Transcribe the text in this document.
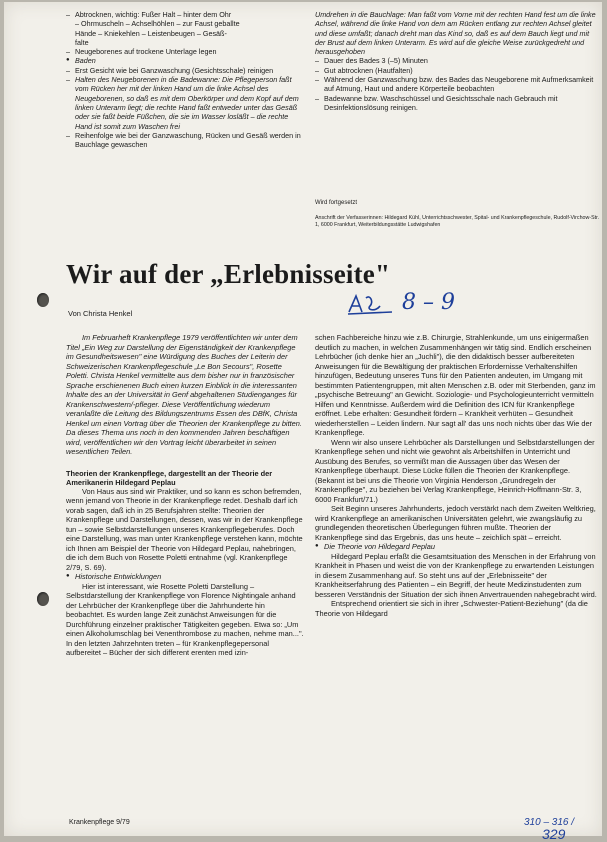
– Abtrocknen, wichtig: Fußer Halt – hinter dem Ohr

– Ohrmuscheln – Achselhöhlen – zur Faust geballte

Hände – Kniekehlen – Leistenbeugen – Gesäß-

falte

– Neugeborenes auf trockene Unterlage legen

● Baden

– Erst Gesicht wie bei Ganzwaschung (Gesichtsschale) reinigen

– Halten des Neugeborenen in die Badewanne: Die Pflegeperson faßt vom Rücken her mit der linken Hand um die linke Achsel des Neugeborenen, so daß es mit dem Oberkörper und dem Kopf auf dem linken Unterarm liegt; die rechte Hand faßt entweder unter das Gesäß oder sie faßt beide Füßchen, die sie im Wasser losläßt – die rechte Hand ist somit zum Waschen frei

– Reihenfolge wie bei der Ganzwaschung, Rücken und Gesäß werden in Bauchlage gewaschen

Umdrehen in die Bauchlage: Man faßt vom Vorne mit der rechten Hand fest um die linke Achsel, während die linke Hand von dem am Rücken entlang zur rechten Achsel gleitet und diese umfaßt; danach dreht man das Kind so, daß es auf dem Bauch liegt und mit der Brust auf dem linken Unterarm. Es wird auf die gleiche Weise zurückgedreht und herausgehoben

– Dauer des Bades 3 (–5) Minuten

– Gut abtrocknen (Hautfalten)

– Während der Ganzwaschung bzw. des Bades das Neugeborene mit Aufmerksamkeit auf Atmung, Haut und andere Körperteile beobachten

– Badewanne bzw. Waschschüssel und Gesichtsschale nach Gebrauch mit Desinfektionslösung reinigen.

Wird fortgesetzt
Anschrift der Verfasserinnen: Hildegard Kühl, Unterrichtsschwester, Spital- und Krankenpflegeschule, Rudolf-Virchow-Str. 1, 6000 Frankfurt, Weiterbildungsstätte Ludwigshafen
Wir auf der „Erlebnisseite"
8 – 9
Von Christa Henkel

Im Februarheft Krankenpflege 1979 veröffentlichten wir unter dem Titel „Ein Weg zur Darstellung der Eigenständigkeit der Krankenpflege im Gesundheitswesen" eine Würdigung des Buches der Leiterin der Schweizerischen Krankenpflegeschule „Le Bon Secours", Rosette Poletti. Christa Henkel vermittelte aus dem bisher nur in französischer Sprache erschienenen Buch einen kurzen Einblick in die interessanten Inhalte des an der Universität in Genf abgehaltenen Studienganges für Krankenschwestern/-pfleger. Diese Veröffentlichung wiederum veranlaßte die Leitung des Bildungszentrums Essen des DBfK, Christa Henkel um einen Vortrag über die Theorien der Krankenpflege zu bitten. Da dieses Thema uns noch in den kommenden Jahren beschäftigen wird, veröffentlichen wir den Vortrag leicht überarbeitet in seinen wesentlichen Teilen.

Theorien der Krankenpflege, dargestellt an der Theorie der Amerikanerin Hildegard Peplau

Von Haus aus sind wir Praktiker, und so kann es schon befremden, wenn jemand von Theorie in der Krankenpflege redet. Deshalb darf ich vorab sagen, daß ich in 25 Berufsjahren stellte: Theorien der Krankenpflege und Darstellungen, dessen, was wir in der Krankenpflege tun – sowie Selbstdarstellungen unseres Krankenpflegeberufes. Doch eine Darstellung, was man unter Krankenpflege verstehen kann, möchte ich Ihnen am Beispiel der Theorie von Hildegard Peplau, nahebringen, die ich dem Buch von Rosette Poletti entnahme (vgl. Krankenpflege 2/79, S. 69).

● Historische Entwicklungen

Hier ist interessant, wie Rosette Poletti Darstellung – Selbstdarstellung der Krankenpflege von Florence Nightingale anhand der Lehrbücher der Krankenpflege über die Jahrhunderte hin beobachtet. Es wurden lange Zeit zunächst Anweisungen für die Durchführung einzelner praktischer Tätigkeiten gegeben. Etwa so: „Um einen Alkoholumschlag bei Venenthrombose zu machen, nehme man...". In den letzten Jahrzehnten treten – für Krankenpflegepersonal aufbereitet – Bücher der sich different erenten med izin-

schen Fachbereiche hinzu wie z.B. Chirurgie, Strahlenkunde, um uns einigermaßen deutlich zu machen, in welchen Zusammenhängen wir tätig sind. Endlich erscheinen Lehrbücher (ich denke hier an „Juchli"), die den didaktisch besser aufbereiteten Anweisungen für die Bewältigung der praktischen Erfordernisse Verhaltenshilfen hinzufügen, Bedeutung unseres Tuns für den Patienten andeuten, im Umgang mit bestimmten Patientengruppen, mit alten Menschen z.B. oder mit Sterbenden, ganz im „psychische Betreuung" an Gewicht. Soziologie- und Psychologieunterricht vermitteln Hilfen und Kenntnisse. Außerdem wird die Definition des ICN für Krankenpflege eröffnet. Lebe erhalten: Gesundheit fördern – Krankheit verhüten – Gesundheit wiederherstellen – Leiden lindern. Nur sagt all' das uns noch nichts über das Wie der Krankenpflege.

Wenn wir also unsere Lehrbücher als Darstellungen und Selbstdarstellungen der Krankenpflege sehen und nicht wie gewohnt als Arbeitshilfen in Unterricht und Ausübung des Berufes, so vermißt man die Aussagen über das Wesen der Krankenpflege überhaupt. Diese Lücke füllen die Theorien der Krankenpflege. (Bekannt ist bei uns die Theorie von Virginia Henderson „Grundregeln der Krankenpflege", zu beziehen bei Verlag Krankenpflege, Heinrich-Hoffmann-Str. 3, 6000 Frankfurt/71.)

Seit Beginn unseres Jahrhunderts, jedoch verstärkt nach dem Zweiten Weltkrieg, wird Krankenpflege an amerikanischen Universitäten gelehrt, wie zwangsläufig zu grundlegenden theoretischen Überlegungen führen mußte. Theorien der Krankenpflege sind das Ergebnis, das uns heute – zeichlich spät – erreicht.

● Die Theorie von Hildegard Peplau

Hildegard Peplau erfaßt die Gesamtsituation des Menschen in der Erfahrung von Krankheit in Phasen und weist die von der Krankenpflege zu erwartenden Leistungen in diesem Zusammenhang auf. So steht uns auf der „Erlebnisseite" der Krankheitserfahrung des Patienten – ein Begriff, der heute Medizinstudenten zum besseren Verständnis der Situation der sich ihnen Anvertrauenden nahegebracht wird.

Entsprechend orientiert sie sich in ihrer „Schwester-Patient-Beziehung" (da die Theorie von Hildegard

Krankenpflege 9/79	310 – 316 /
329
